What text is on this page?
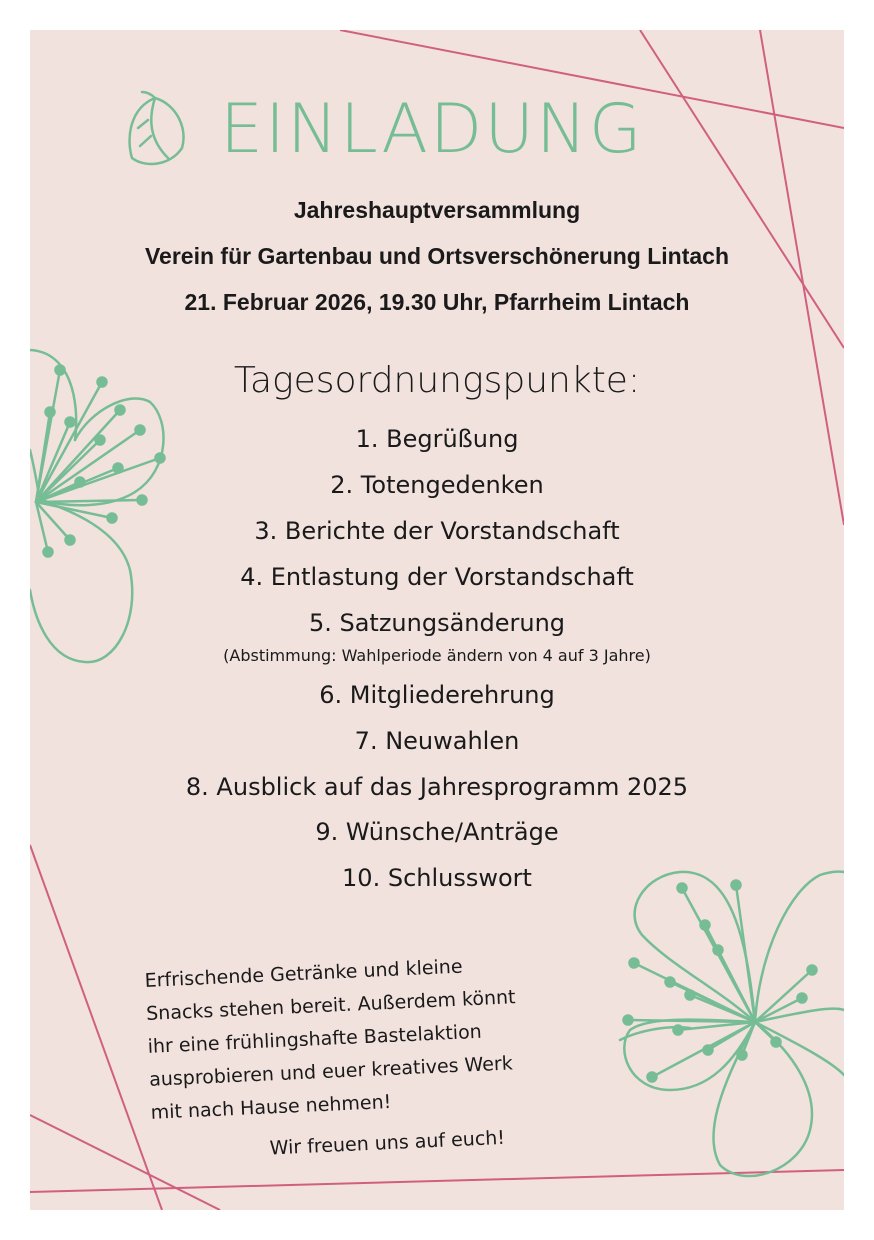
EINLADUNG

Jahreshauptversammlung

Verein für Gartenbau und Ortsverschönerung Lintach

21. Februar 2026, 19.30 Uhr, Pfarrheim Lintach

Tagesordnungspunkte:
1. Begrüßung
2. Totengedenken
3. Berichte der Vorstandschaft
4. Entlastung der Vorstandschaft
5. Satzungsänderung
(Abstimmung: Wahlperiode ändern von 4 auf 3 Jahre)
6. Mitgliederehrung
7. Neuwahlen
8. Ausblick auf das Jahresprogramm 2025
9. Wünsche/Anträge
10. Schlusswort

Erfrischende Getränke und kleine

Snacks stehen bereit. Außerdem könnt

ihr eine frühlingshafte Bastelaktion

ausprobieren und euer kreatives Werk

mit nach Hause nehmen!

Wir freuen uns auf euch!
